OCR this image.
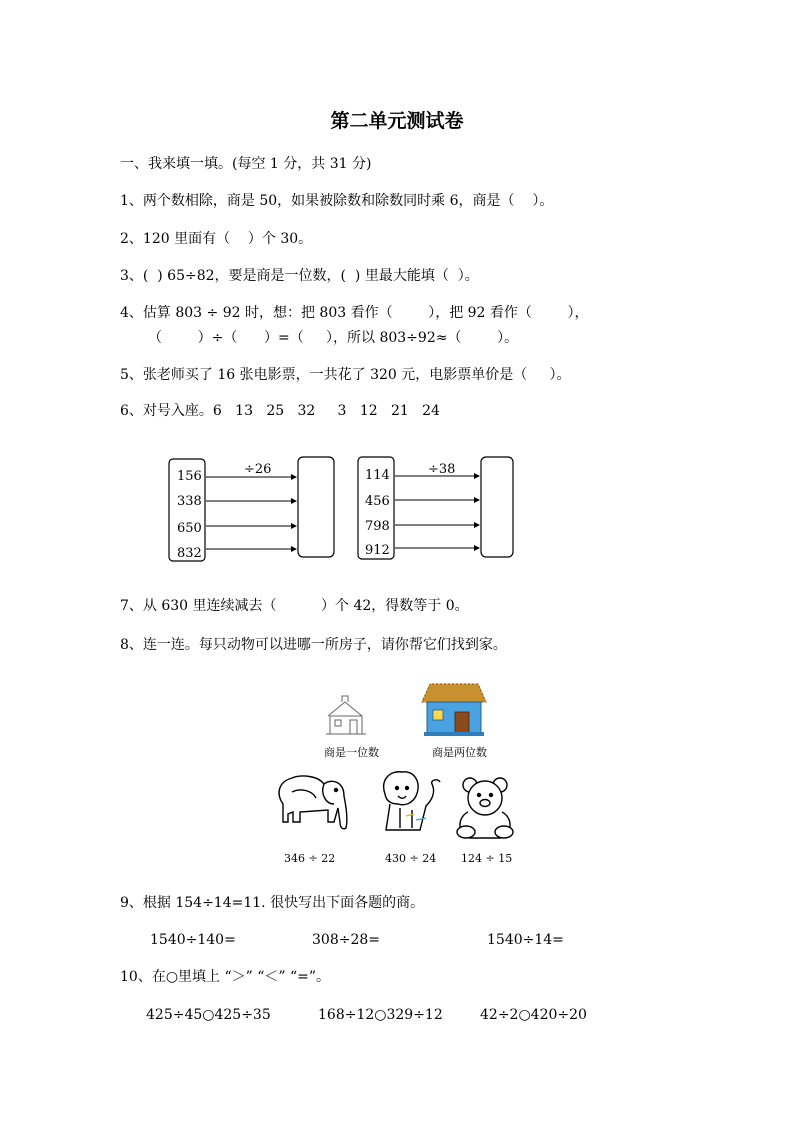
第二单元测试卷
一、我来填一填。(每空 1 分，共 31 分)
1、两个数相除，商是 50，如果被除数和除数同时乘 6，商是（    ）。
2、120 里面有（    ）个 30。
3、(  ) 65÷82，要是商是一位数，(  ) 里最大能填（  ）。
4、估算 803 ÷ 92 时，想：把 803 看作（        ），把 92 看作（        ），
（        ）÷（      ）=（     ），所以 803÷92≈（        ）。
5、张老师买了 16 张电影票，一共花了 320 元，电影票单价是（     ）。
6、对号入座。6   13   25   32     3   12   21   24
÷26
156
338
650
832
÷38
114
456
798
912
7、从 630 里连续减去（          ）个 42，得数等于 0。
8、连一连。每只动物可以进哪一所房子，请你帮它们找到家。
商是一位数	商是两位数
346 ÷ 22	430 ÷ 24 124 ÷ 15
9、根据 154÷14=11. 很快写出下面各题的商。
1540÷140=	308÷28=	1540÷14=
10、在○里填上 “＞” “＜” “=”。
425÷45○425÷35	168÷12○329÷12	42÷2○420÷20
